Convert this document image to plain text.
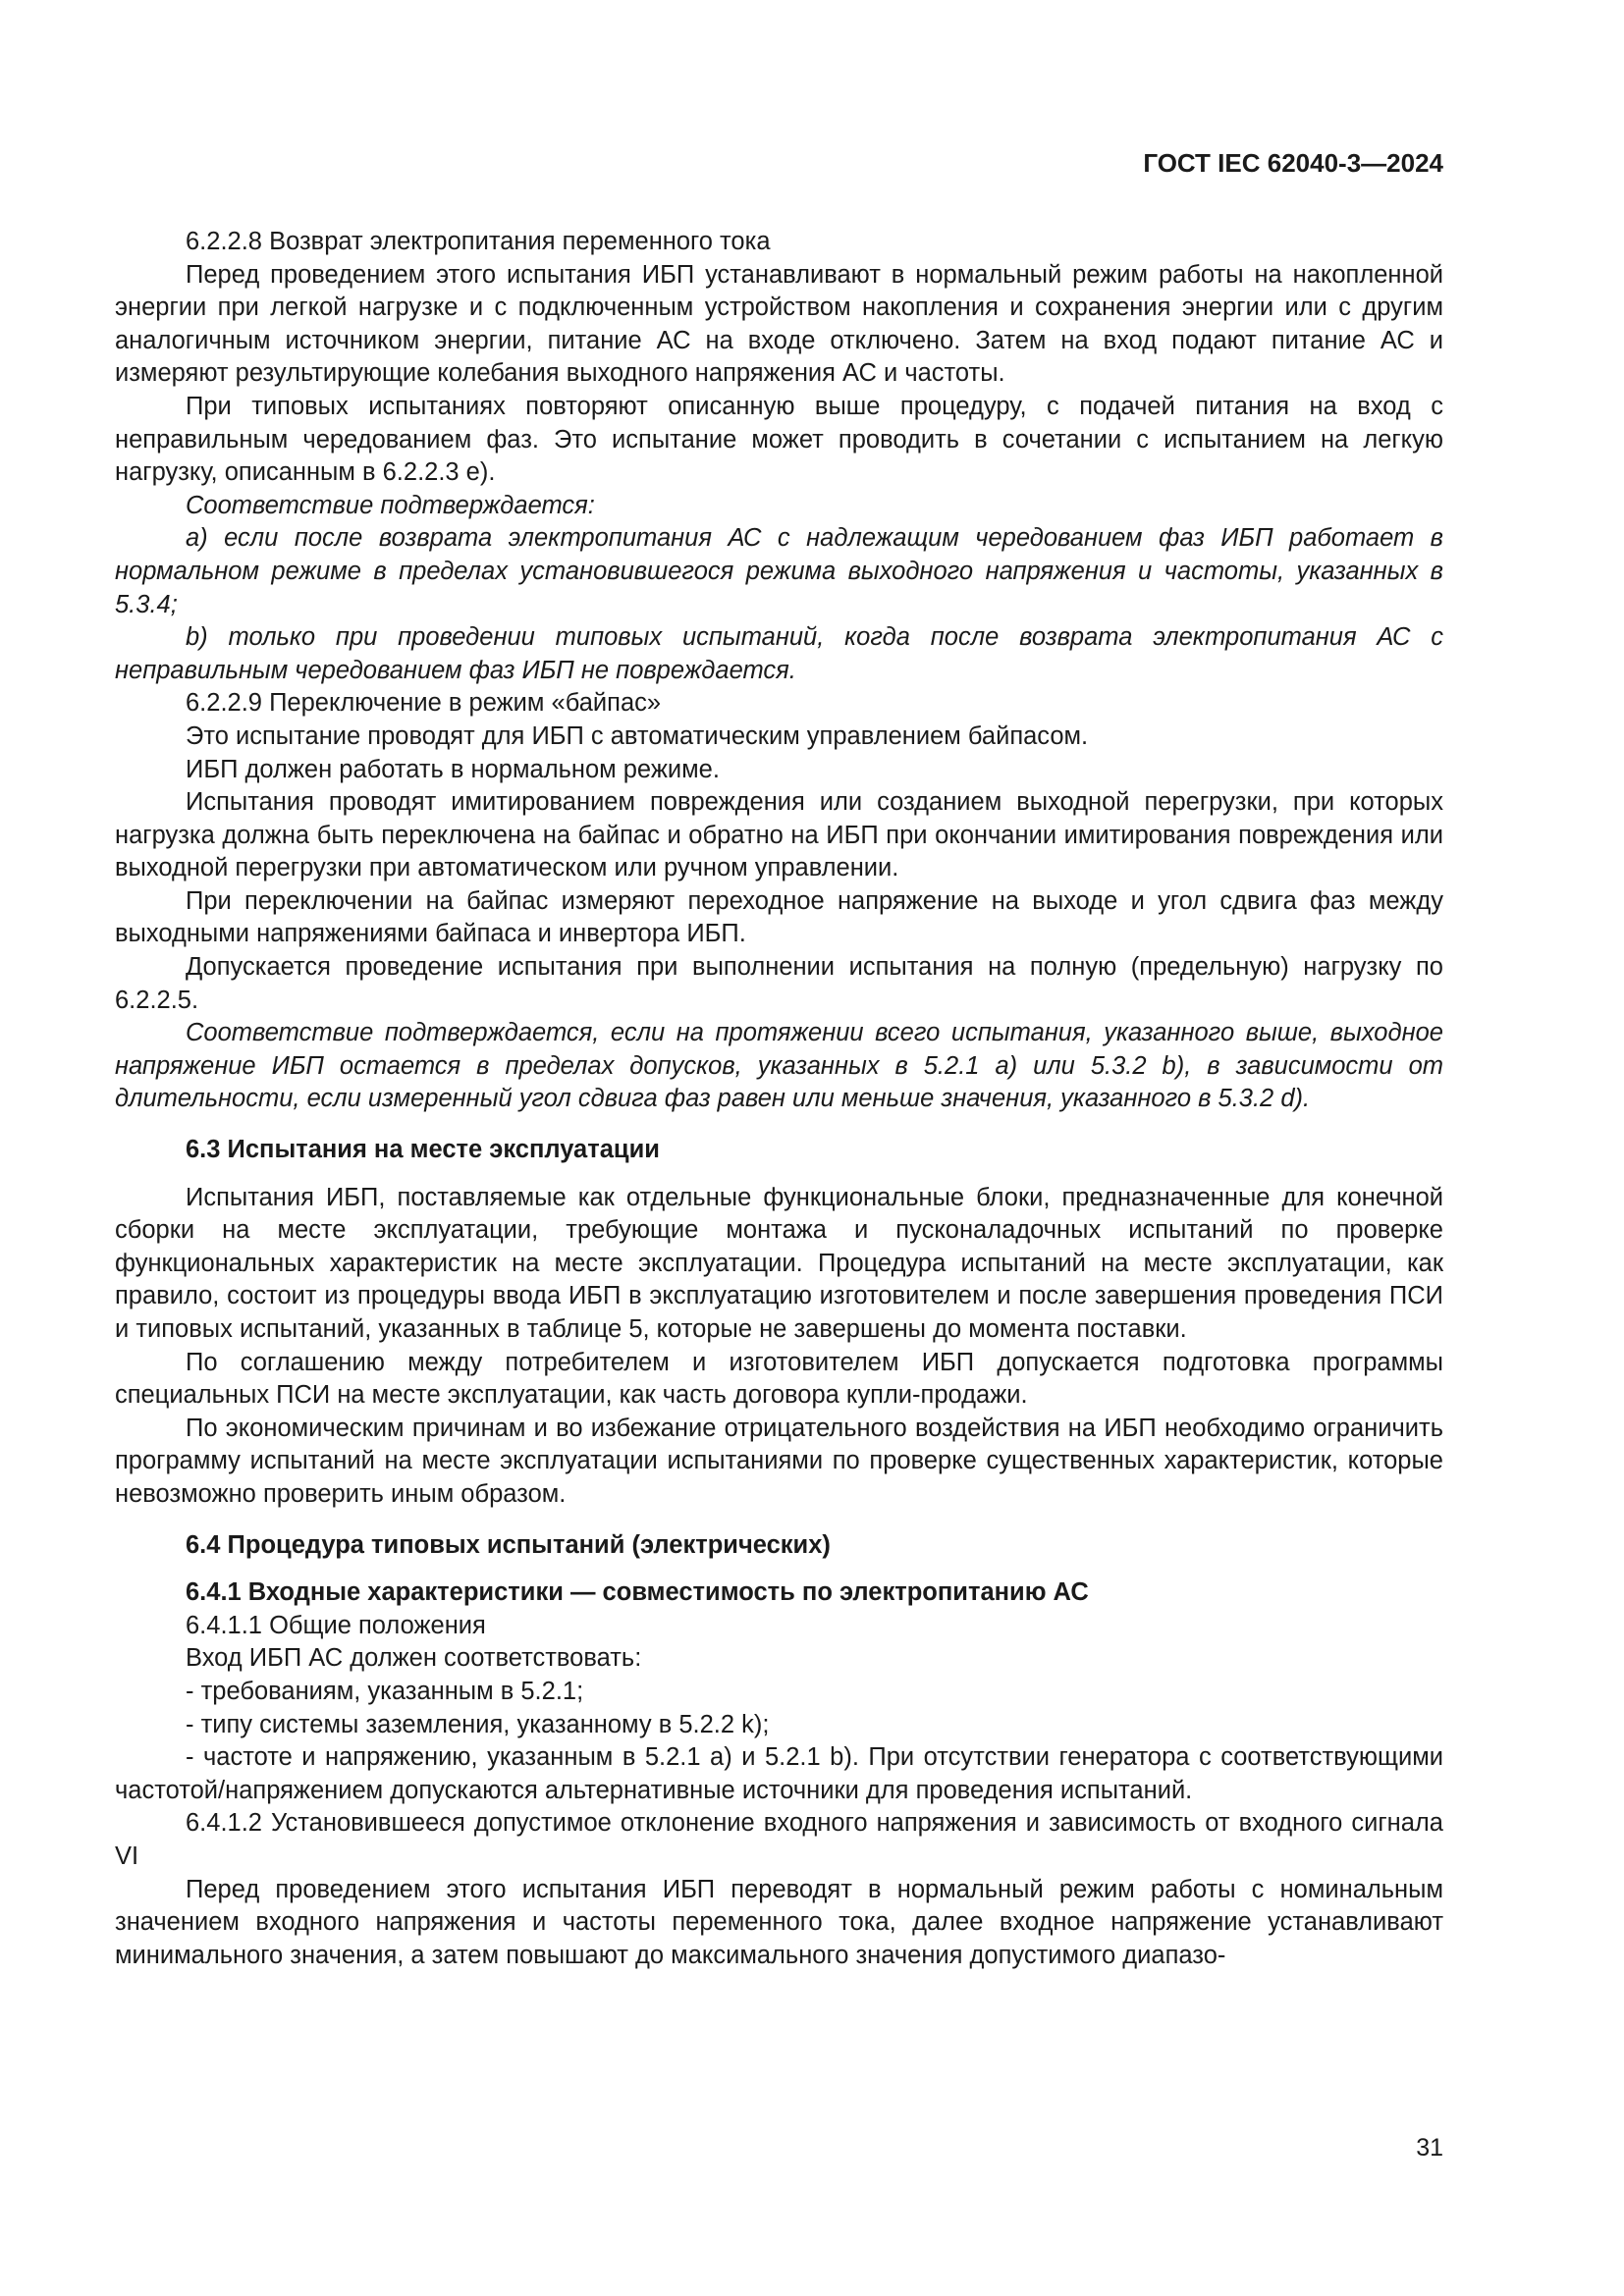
ГОСТ IEC 62040-3—2024

6.2.2.8 Возврат электропитания переменного тока

Перед проведением этого испытания ИБП устанавливают в нормальный режим работы на накопленной энергии при легкой нагрузке и с подключенным устройством накопления и сохранения энергии или с другим аналогичным источником энергии, питание АС на входе отключено. Затем на вход подают питание АС и измеряют результирующие колебания выходного напряжения АС и частоты.

При типовых испытаниях повторяют описанную выше процедуру, с подачей питания на вход с неправильным чередованием фаз. Это испытание может проводить в сочетании с испытанием на легкую нагрузку, описанным в 6.2.2.3 е).

Соответствие подтверждается:

а) если после возврата электропитания АС с надлежащим чередованием фаз ИБП работает в нормальном режиме в пределах установившегося режима выходного напряжения и частоты, указанных в 5.3.4;

b) только при проведении типовых испытаний, когда после возврата электропитания АС с неправильным чередованием фаз ИБП не повреждается.

6.2.2.9 Переключение в режим «байпас»

Это испытание проводят для ИБП с автоматическим управлением байпасом.

ИБП должен работать в нормальном режиме.

Испытания проводят имитированием повреждения или созданием выходной перегрузки, при которых нагрузка должна быть переключена на байпас и обратно на ИБП при окончании имитирования повреждения или выходной перегрузки при автоматическом или ручном управлении.

При переключении на байпас измеряют переходное напряжение на выходе и угол сдвига фаз между выходными напряжениями байпаса и инвертора ИБП.

Допускается проведение испытания при выполнении испытания на полную (предельную) нагрузку по 6.2.2.5.

Соответствие подтверждается, если на протяжении всего испытания, указанного выше, выходное напряжение ИБП остается в пределах допусков, указанных в 5.2.1 а) или 5.3.2 b), в зависимости от длительности, если измеренный угол сдвига фаз равен или меньше значения, указанного в 5.3.2 d).

6.3 Испытания на месте эксплуатации

Испытания ИБП, поставляемые как отдельные функциональные блоки, предназначенные для конечной сборки на месте эксплуатации, требующие монтажа и пусконаладочных испытаний по проверке функциональных характеристик на месте эксплуатации. Процедура испытаний на месте эксплуатации, как правило, состоит из процедуры ввода ИБП в эксплуатацию изготовителем и после завершения проведения ПСИ и типовых испытаний, указанных в таблице 5, которые не завершены до момента поставки.

По соглашению между потребителем и изготовителем ИБП допускается подготовка программы специальных ПСИ на месте эксплуатации, как часть договора купли-продажи.

По экономическим причинам и во избежание отрицательного воздействия на ИБП необходимо ограничить программу испытаний на месте эксплуатации испытаниями по проверке существенных характеристик, которые невозможно проверить иным образом.

6.4 Процедура типовых испытаний (электрических)

6.4.1 Входные характеристики — совместимость по электропитанию АС

6.4.1.1 Общие положения

Вход ИБП АС должен соответствовать:

- требованиям, указанным в 5.2.1;

- типу системы заземления, указанному в 5.2.2 k);

- частоте и напряжению, указанным в 5.2.1 а) и 5.2.1 b). При отсутствии генератора с соответствующими частотой/напряжением допускаются альтернативные источники для проведения испытаний.

6.4.1.2 Установившееся допустимое отклонение входного напряжения и зависимость от входного сигнала VI

Перед проведением этого испытания ИБП переводят в нормальный режим работы с номинальным значением входного напряжения и частоты переменного тока, далее входное напряжение устанавливают минимального значения, а затем повышают до максимального значения допустимого диапазо-

31
